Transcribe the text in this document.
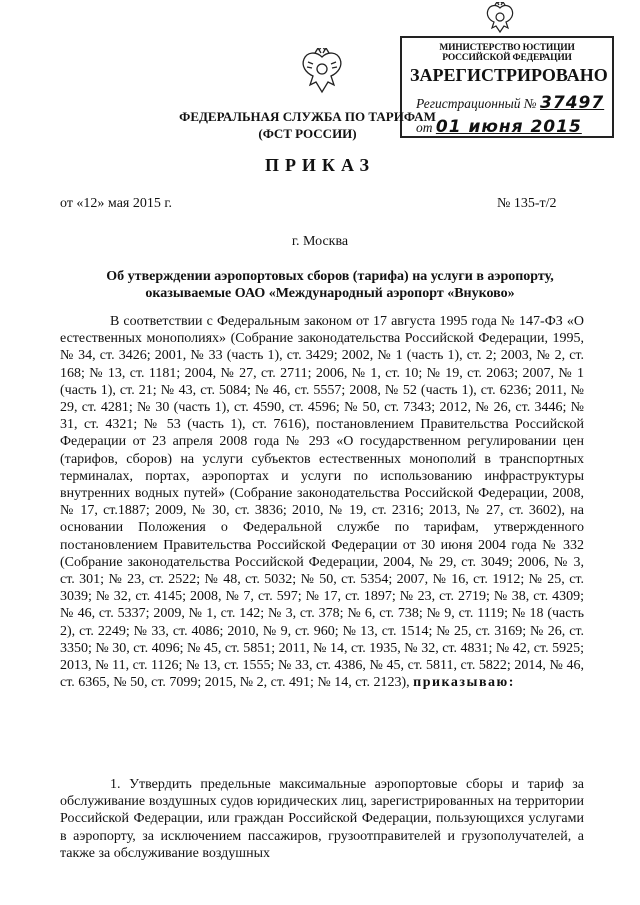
МИНИСТЕРСТВО ЮСТИЦИИ РОССИЙСКОЙ ФЕДЕРАЦИИ
ЗАРЕГИСТРИРОВАНО
Регистрационный № 37497
от 01 июня 2015
ФЕДЕРАЛЬНАЯ СЛУЖБА ПО ТАРИФАМ
(ФСТ РОССИИ)
ПРИКАЗ
от «12» мая 2015 г.	№ 135-т/2
г. Москва
Об утверждении аэропортовых сборов (тарифа) на услуги в аэропорту,
оказываемые ОАО «Международный аэропорт «Внуково»
В соответствии с Федеральным законом от 17 августа 1995 года № 147-ФЗ «О естественных монополиях» (Собрание законодательства Российской Федерации, 1995, № 34, ст. 3426; 2001, № 33 (часть 1), ст. 3429; 2002, № 1 (часть 1), ст. 2; 2003, № 2, ст. 168; № 13, ст. 1181; 2004, № 27, ст. 2711; 2006, № 1, ст. 10; № 19, ст. 2063; 2007, № 1 (часть 1), ст. 21; № 43, ст. 5084; № 46, ст. 5557; 2008, № 52 (часть 1), ст. 6236; 2011, № 29, ст. 4281; № 30 (часть 1), ст. 4590, ст. 4596; № 50, ст. 7343; 2012, № 26, ст. 3446; № 31, ст. 4321; № 53 (часть 1), ст. 7616), постановлением Правительства Российской Федерации от 23 апреля 2008 года № 293 «О государственном регулировании цен (тарифов, сборов) на услуги субъектов естественных монополий в транспортных терминалах, портах, аэропортах и услуги по использованию инфраструктуры внутренних водных путей» (Собрание законодательства Российской Федерации, 2008, № 17, ст.1887; 2009, № 30, ст. 3836; 2010, № 19, ст. 2316; 2013, № 27, ст. 3602), на основании Положения о Федеральной службе по тарифам, утвержденного постановлением Правительства Российской Федерации от 30 июня 2004 года № 332 (Собрание законодательства Российской Федерации, 2004, № 29, ст. 3049; 2006, № 3, ст. 301; № 23, ст. 2522; № 48, ст. 5032; № 50, ст. 5354; 2007, № 16, ст. 1912; № 25, ст. 3039; № 32, ст. 4145; 2008, № 7, ст. 597; № 17, ст. 1897; № 23, ст. 2719; № 38, ст. 4309; № 46, ст. 5337; 2009, № 1, ст. 142; № 3, ст. 378; № 6, ст. 738; № 9, ст. 1119; № 18 (часть 2), ст. 2249; № 33, ст. 4086; 2010, № 9, ст. 960; № 13, ст. 1514; № 25, ст. 3169; № 26, ст. 3350; № 30, ст. 4096; № 45, ст. 5851; 2011, № 14, ст. 1935, № 32, ст. 4831; № 42, ст. 5925; 2013, № 11, ст. 1126; № 13, ст. 1555; № 33, ст. 4386, № 45, ст. 5811, ст. 5822; 2014, № 46, ст. 6365, № 50, ст. 7099; 2015, № 2, ст. 491; № 14, ст. 2123), приказываю:
1. Утвердить предельные максимальные аэропортовые сборы и тариф за обслуживание воздушных судов юридических лиц, зарегистрированных на территории Российской Федерации, или граждан Российской Федерации, пользующихся услугами в аэропорту, за исключением пассажиров, грузоотправителей и грузополучателей, а также за обслуживание воздушных
